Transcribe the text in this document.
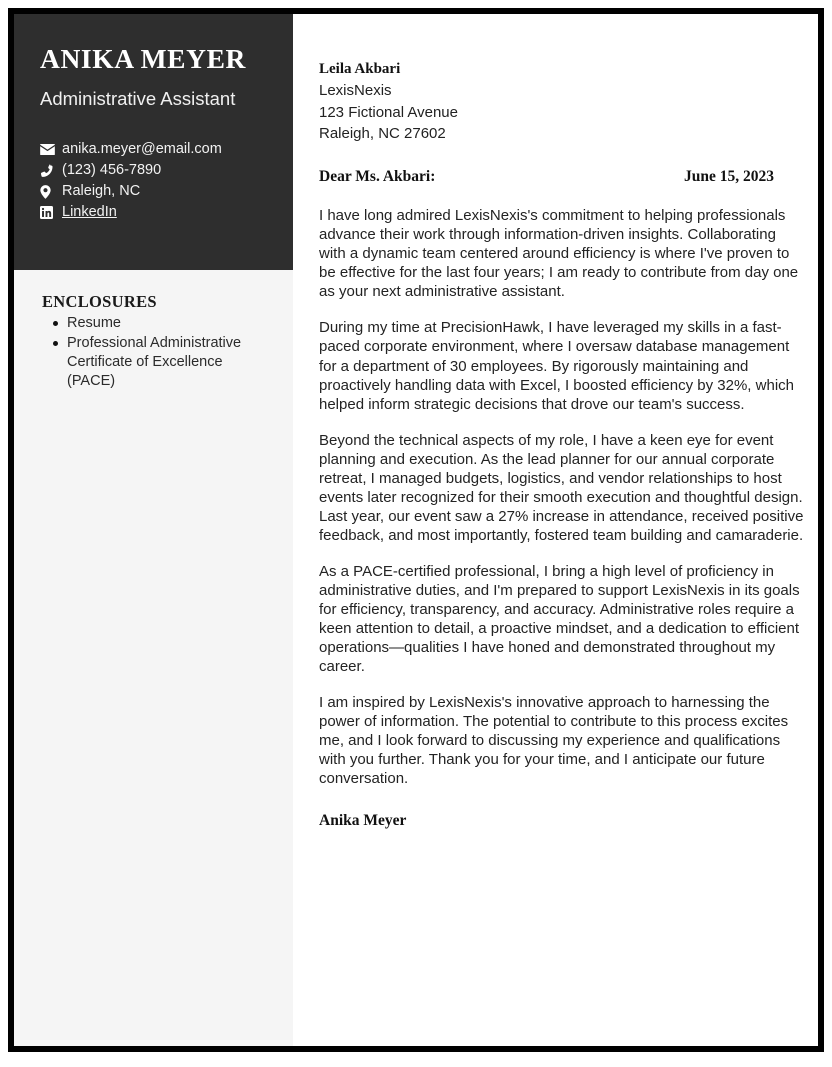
ANIKA MEYER
Administrative Assistant
anika.meyer@email.com
(123) 456-7890
Raleigh, NC
LinkedIn
ENCLOSURES
Resume
Professional Administrative Certificate of Excellence (PACE)
Leila Akbari
LexisNexis
123 Fictional Avenue
Raleigh, NC 27602
Dear Ms. Akbari:	June 15, 2023

I have long admired LexisNexis's commitment to helping professionals advance their work through information-driven insights. Collaborating with a dynamic team centered around efficiency is where I've proven to be effective for the last four years; I am ready to contribute from day one as your next administrative assistant.

During my time at PrecisionHawk, I have leveraged my skills in a fast-paced corporate environment, where I oversaw database management for a department of 30 employees. By rigorously maintaining and proactively handling data with Excel, I boosted efficiency by 32%, which helped inform strategic decisions that drove our team's success.

Beyond the technical aspects of my role, I have a keen eye for event planning and execution. As the lead planner for our annual corporate retreat, I managed budgets, logistics, and vendor relationships to host events later recognized for their smooth execution and thoughtful design. Last year, our event saw a 27% increase in attendance, received positive feedback, and most importantly, fostered team building and camaraderie.

As a PACE-certified professional, I bring a high level of proficiency in administrative duties, and I'm prepared to support LexisNexis in its goals for efficiency, transparency, and accuracy. Administrative roles require a keen attention to detail, a proactive mindset, and a dedication to efficient operations—qualities I have honed and demonstrated throughout my career.

I am inspired by LexisNexis's innovative approach to harnessing the power of information. The potential to contribute to this process excites me, and I look forward to discussing my experience and qualifications with you further. Thank you for your time, and I anticipate our future conversation.

Anika Meyer
